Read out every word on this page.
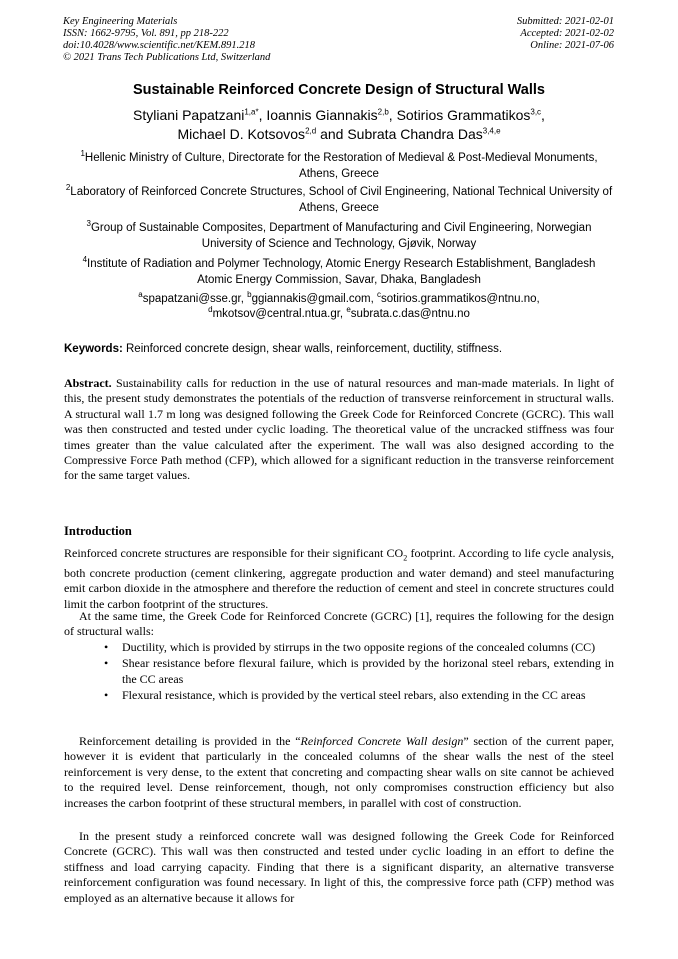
Key Engineering Materials
ISSN: 1662-9795, Vol. 891, pp 218-222
doi:10.4028/www.scientific.net/KEM.891.218
© 2021 Trans Tech Publications Ltd, Switzerland
Submitted: 2021-02-01
Accepted: 2021-02-02
Online: 2021-07-06
Sustainable Reinforced Concrete Design of Structural Walls
Styliani Papatzani$^{1,a*}$, Ioannis Giannakis$^{2,b}$, Sotirios Grammatikos$^{3,c}$,
Michael D. Kotsovos$^{2,d}$ and Subrata Chandra Das$^{3,4,e}$
$^1$Hellenic Ministry of Culture, Directorate for the Restoration of Medieval & Post-Medieval Monuments, Athens, Greece
$^2$Laboratory of Reinforced Concrete Structures, School of Civil Engineering, National Technical University of Athens, Greece
$^3$Group of Sustainable Composites, Department of Manufacturing and Civil Engineering, Norwegian University of Science and Technology, Gjøvik, Norway
$^4$Institute of Radiation and Polymer Technology, Atomic Energy Research Establishment, Bangladesh Atomic Energy Commission, Savar, Dhaka, Bangladesh
$^a$spapatzani@sse.gr, $^b$ggiannakis@gmail.com, $^c$sotirios.grammatikos@ntnu.no,
$^d$mkotsov@central.ntua.gr, $^e$subrata.c.das@ntnu.no
Keywords: Reinforced concrete design, shear walls, reinforcement, ductility, stiffness.
Abstract. Sustainability calls for reduction in the use of natural resources and man-made materials. In light of this, the present study demonstrates the potentials of the reduction of transverse reinforcement in structural walls. A structural wall 1.7 m long was designed following the Greek Code for Reinforced Concrete (GCRC). This wall was then constructed and tested under cyclic loading. The theoretical value of the uncracked stiffness was four times greater than the value calculated after the experiment. The wall was also designed according to the Compressive Force Path method (CFP), which allowed for a significant reduction in the transverse reinforcement for the same target values.
Introduction
Reinforced concrete structures are responsible for their significant $CO_2$ footprint. According to life cycle analysis, both concrete production (cement clinkering, aggregate production and water demand) and steel manufacturing emit carbon dioxide in the atmosphere and therefore the reduction of cement and steel in concrete structures could limit the carbon footprint of the structures.
At the same time, the Greek Code for Reinforced Concrete (GCRC) [1], requires the following for the design of structural walls:
• Ductility, which is provided by stirrups in the two opposite regions of the concealed columns (CC)
• Shear resistance before flexural failure, which is provided by the horizonal steel rebars, extending in the CC areas
• Flexural resistance, which is provided by the vertical steel rebars, also extending in the CC areas
Reinforcement detailing is provided in the “Reinforced Concrete Wall design” section of the current paper, however it is evident that particularly in the concealed columns of the shear walls the nest of the steel reinforcement is very dense, to the extent that concreting and compacting shear walls on site cannot be achieved to the required level. Dense reinforcement, though, not only compromises construction efficiency but also increases the carbon footprint of these structural members, in parallel with cost of construction.
In the present study a reinforced concrete wall was designed following the Greek Code for Reinforced Concrete (GCRC). This wall was then constructed and tested under cyclic loading in an effort to define the stiffness and load carrying capacity. Finding that there is a significant disparity, an alternative transverse reinforcement configuration was found necessary. In light of this, the compressive force path (CFP) method was employed as an alternative because it allows for
